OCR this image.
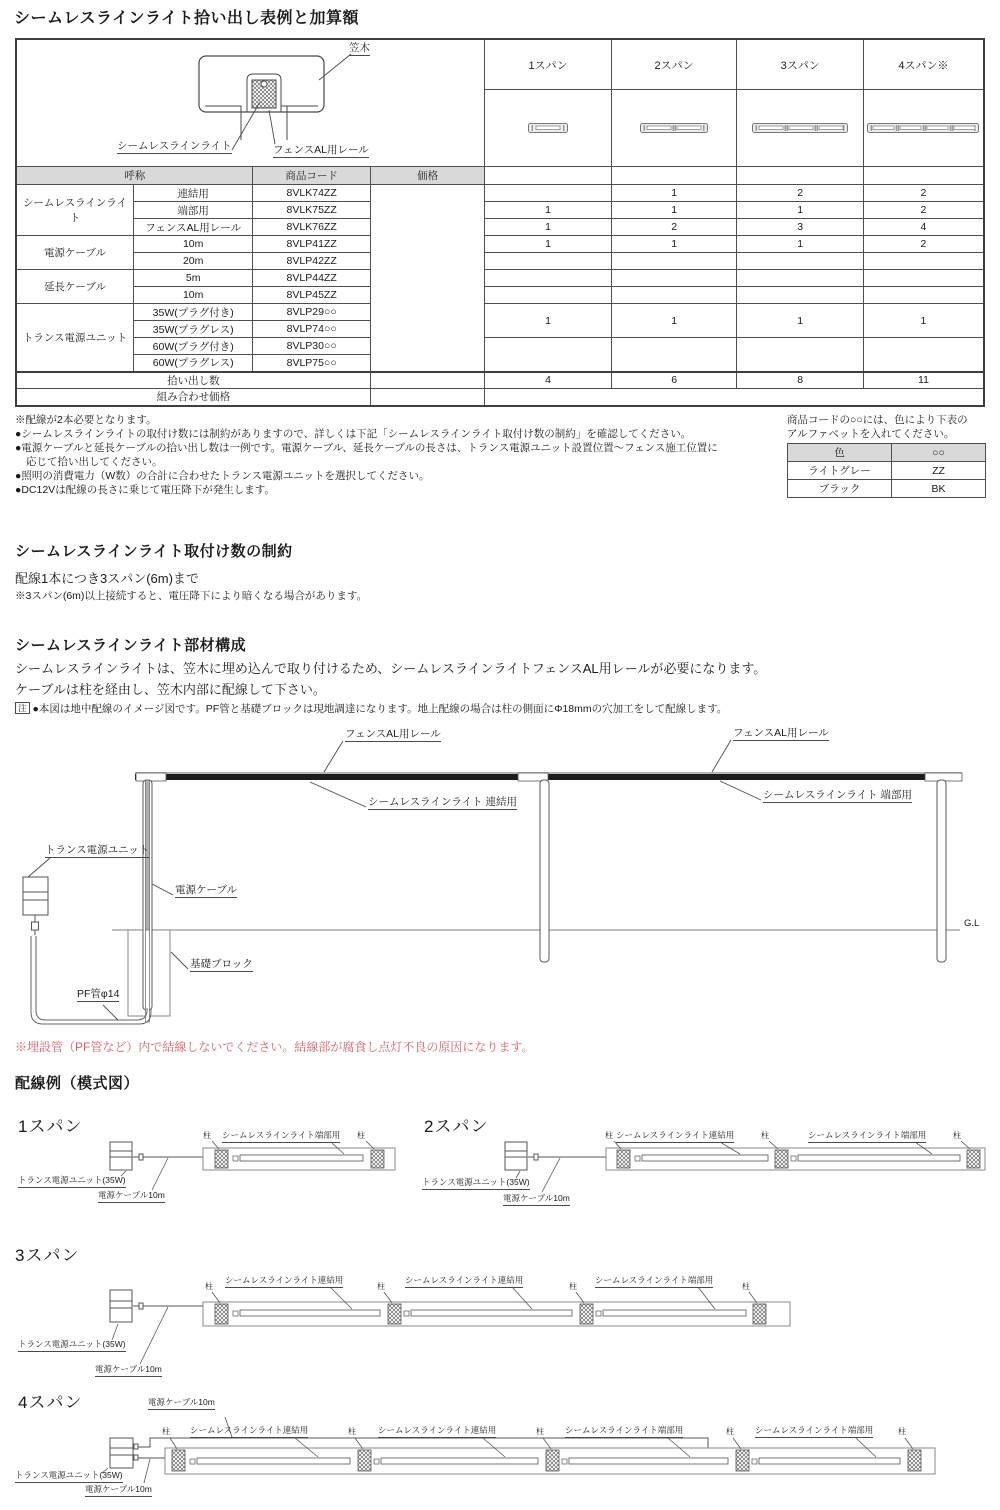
シームレスラインライト拾い出し表例と加算額
笠木
シームレスラインライト フェンスAL用レール				1スパン	2スパン	3スパン	4スパン※

呼称		商品コード	価格				
シームレスラインライト	連結用	8VLK74ZZ			1	2	2
	端部用	8VLK75ZZ		1	1	1	2
	フェンスAL用レール	8VLK76ZZ		1	2	3	4
電源ケーブル	10m	8VLP41ZZ		1	1	1	2
	20m	8VLP42ZZ					
延長ケーブル	5m	8VLP44ZZ					
	10m	8VLP45ZZ					
トランス電源ユニット	35W(プラグ付き)	8VLP29○○		1	1	1	1
	35W(プラグレス)	8VLP74○○					
	60W(プラグ付き)	8VLP30○○					
	60W(プラグレス)	8VLP75○○					
拾い出し数				4	6	8	11
組み合わせ価格							
※配線が2本必要となります。
●シームレスラインライトの取付け数には制約がありますので、詳しくは下記「シームレスラインライト取付け数の制約」を確認してください。
●電源ケーブルと延長ケーブルの拾い出し数は一例です。電源ケーブル、延長ケーブルの長さは、トランス電源ユニット設置位置～フェンス施工位置に
応じて拾い出してください。
●照明の消費電力（W数）の合計に合わせたトランス電源ユニットを選択してください。
●DC12Vは配線の長さに乗じて電圧降下が発生します。
商品コードの○○には、色により下表の
アルファベットを入れてください。
色	○○
ライトグレー	ZZ
ブラック	BK
シームレスラインライト取付け数の制約
配線1本につき3スパン(6m)まで
※3スパン(6m)以上接続すると、電圧降下により暗くなる場合があります。
シームレスラインライト部材構成
シームレスラインライトは、笠木に埋め込んで取り付けるため、シームレスラインライトフェンスAL用レールが必要になります。
ケーブルは柱を経由し、笠木内部に配線して下さい。
注 ●本図は地中配線のイメージ図です。PF管と基礎ブロックは現地調達になります。地上配線の場合は柱の側面にΦ18mmの穴加工をして配線します。
トランス電源ユニット
電源ケーブル
フェンスAL用レール
シームレスラインライト 連結用
フェンスAL用レール
シームレスラインライト 端部用
基礎ブロック
PF管φ14
G.L
※埋設管（PF管など）内で結線しないでください。結線部が腐食し点灯不良の原因になります。
配線例（模式図）
1スパン	2スパン
3スパン
4スパン
柱	柱
シームレスラインライト端部用
トランス電源ユニット(35W)
電源ケーブル10m
柱	柱	柱
シームレスラインライト連結用	シームレスラインライト端部用
トランス電源ユニット(35W)
電源ケーブル10m
柱	柱	柱	柱
シームレスラインライト連結用	シームレスラインライト連結用	シームレスラインライト端部用
トランス電源ユニット(35W)
電源ケーブル10m
電源ケーブル10m
柱	柱	柱	柱	柱
シームレスラインライト連結用	シームレスラインライト連結用	シームレスラインライト端部用	シームレスラインライト端部用
トランス電源ユニット(35W)
電源ケーブル10m
